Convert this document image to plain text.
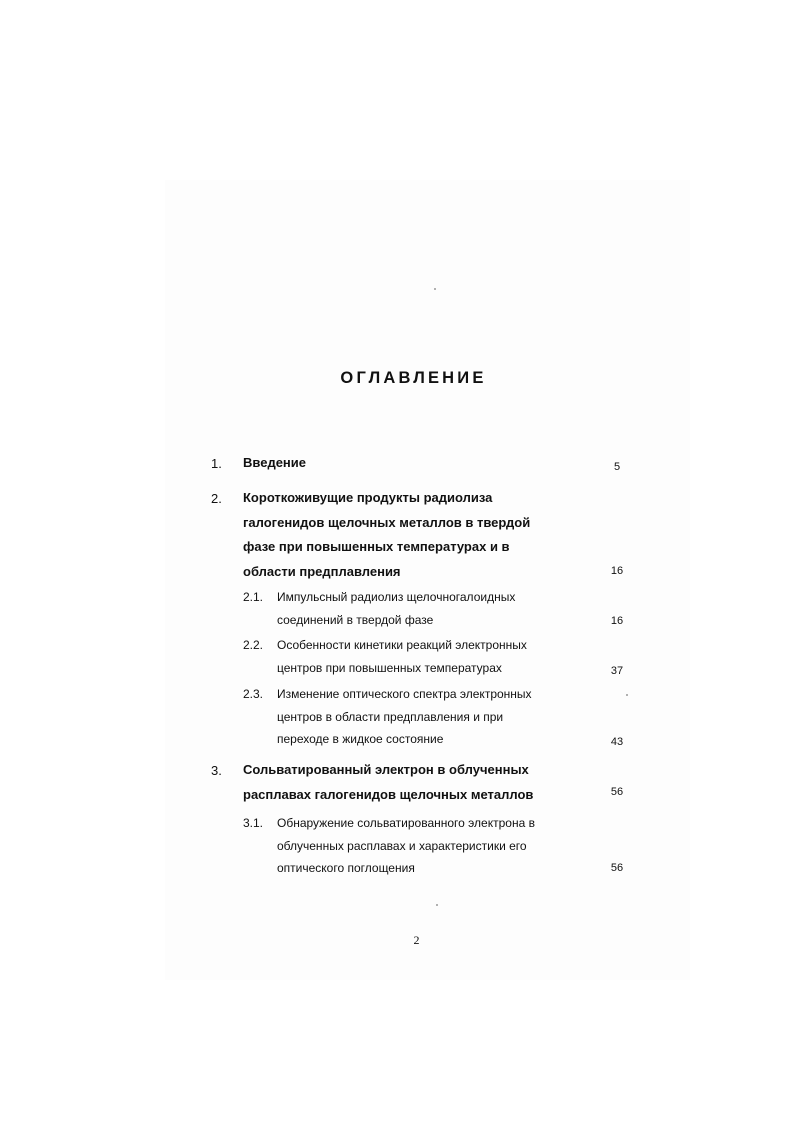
ОГЛАВЛЕНИЕ
1. Введение	5
2. Короткоживущие продукты радиолиза
галогенидов щелочных металлов в твердой
фазе при повышенных температурах и в
области предплавления	16
2.1. Импульсный радиолиз щелочногалоидных
соединений в твердой фазе	16
2.2. Особенности кинетики реакций электронных
центров при повышенных температурах	37
2.3. Изменение оптического спектра электронных
центров в области предплавления и при
переходе в жидкое состояние	43
3. Сольватированный электрон в облученных
расплавах галогенидов щелочных металлов	56
3.1. Обнаружение сольватированного электрона в
облученных расплавах и характеристики его
оптического поглощения	56
2
